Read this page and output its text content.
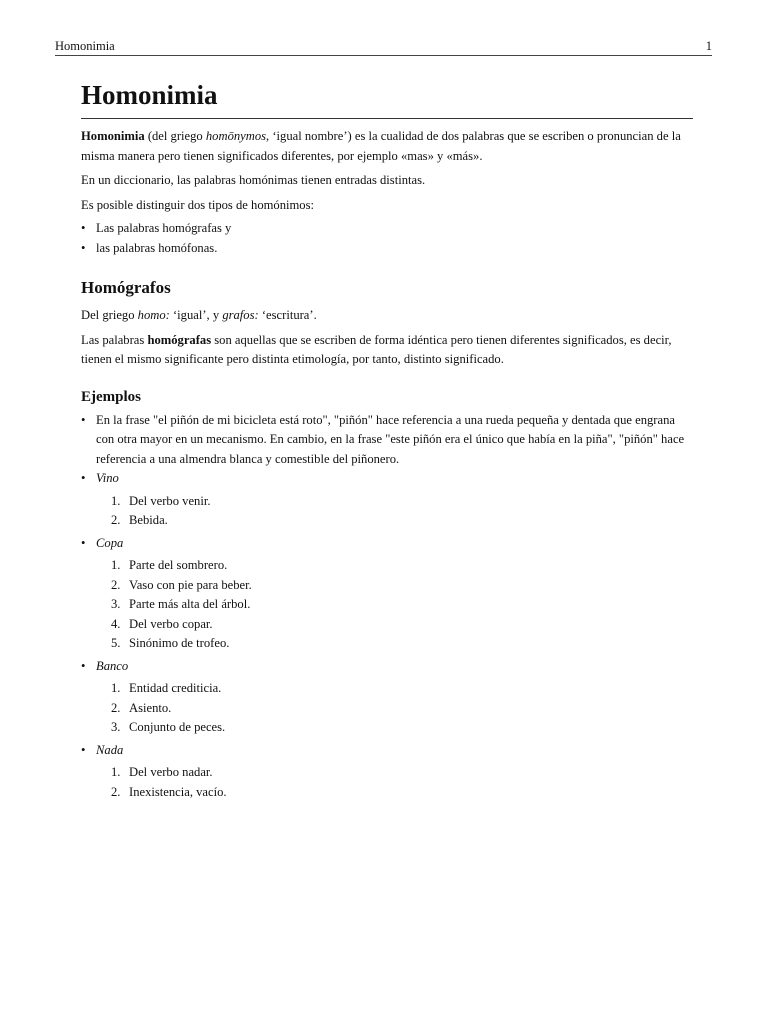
Homonimia	1
Homonimia

Homonimia (del griego homōnymos, ‘igual nombre’) es la cualidad de dos palabras que se escriben o pronuncian de la misma manera pero tienen significados diferentes, por ejemplo «mas» y «más».

En un diccionario, las palabras homónimas tienen entradas distintas.

Es posible distinguir dos tipos de homónimos:

• Las palabras homógrafas y
• las palabras homófonas.
Homógrafos

Del griego homo: ‘igual’, y grafos: ‘escritura’.

Las palabras homógrafas son aquellas que se escriben de forma idéntica pero tienen diferentes significados, es decir, tienen el mismo significante pero distinta etimología, por tanto, distinto significado.

Ejemplos
• En la frase "el piñón de mi bicicleta está roto", "piñón" hace referencia a una rueda pequeña y dentada que engrana con otra mayor en un mecanismo. En cambio, en la frase "este piñón era el único que había en la piña", "piñón" hace referencia a una almendra blanca y comestible del piñonero.
• Vino
1. Del verbo venir.
2. Bebida.
• Copa
1. Parte del sombrero.
2. Vaso con pie para beber.
3. Parte más alta del árbol.
4. Del verbo copar.
5. Sinónimo de trofeo.
• Banco
1. Entidad crediticia.
2. Asiento.
3. Conjunto de peces.
• Nada
1. Del verbo nadar.
2. Inexistencia, vacío.
